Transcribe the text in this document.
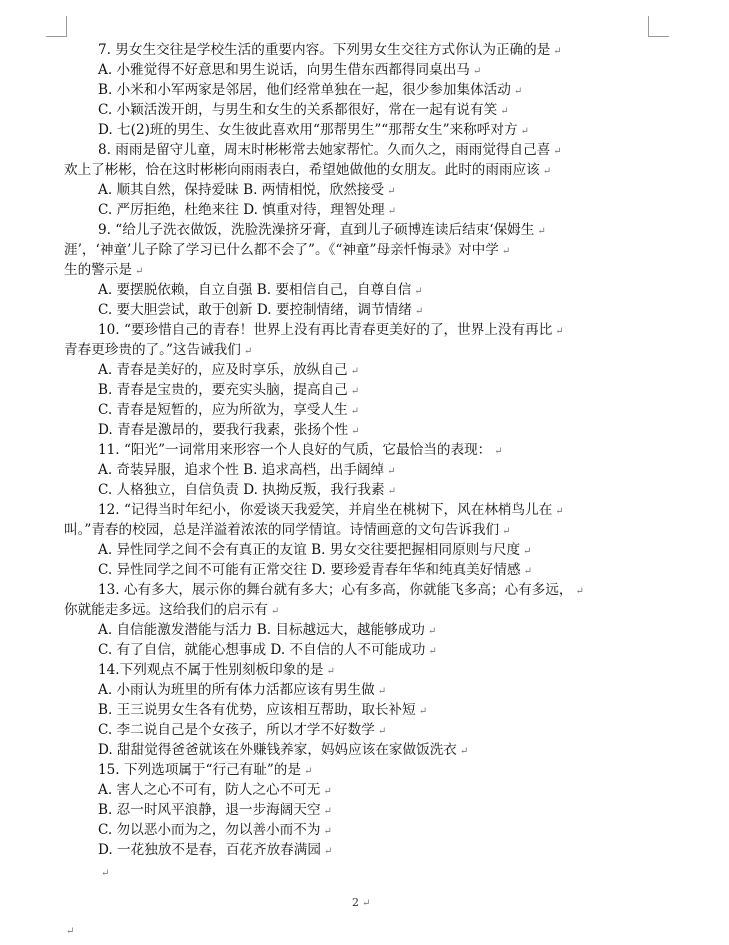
7. 男女生交往是学校生活的重要内容。下列男女生交往方式你认为正确的是 ↵
A. 小雅觉得不好意思和男生说话，向男生借东西都得同桌出马 ↵
B. 小米和小军两家是邻居，他们经常单独在一起，很少参加集体活动 ↵
C. 小颖活泼开朗，与男生和女生的关系都很好，常在一起有说有笑 ↵
D. 七(2)班的男生、女生彼此喜欢用“那帮男生”“那帮女生”来称呼对方 ↵
8. 雨雨是留守儿童，周末时彬彬常去她家帮忙。久而久之，雨雨觉得自己喜 ↵
欢上了彬彬，恰在这时彬彬向雨雨表白，希望她做他的女朋友。此时的雨雨应该 ↵
A. 顺其自然，保持爱昧 B. 两情相悦，欣然接受 ↵
C. 严厉拒绝，杜绝来往 D. 慎重对待，理智处理 ↵
9. “给儿子洗衣做饭，洗脸洗澡挤牙膏，直到儿子硕博连读后结束‘保姆生 ↵
涯’，‘神童’儿子除了学习已什么都不会了”。《“神童”母亲忏悔录》对中学 ↵
生的警示是 ↵
A. 要摆脱依赖，自立自强 B. 要相信自己，自尊自信 ↵
C. 要大胆尝试，敢于创新 D. 要控制情绪，调节情绪 ↵
10. “要珍惜自己的青春！世界上没有再比青春更美好的了，世界上没有再比 ↵
青春更珍贵的了。”这告诫我们 ↵
A. 青春是美好的，应及时享乐，放纵自己 ↵
B. 青春是宝贵的，要充实头脑，提高自己 ↵
C. 青春是短暂的，应为所欲为，享受人生 ↵
D. 青春是激昂的，要我行我素，张扬个性 ↵
11. “阳光”一词常用来形容一个人良好的气质，它最恰当的表现： ↵
A. 奇装异服，追求个性 B. 追求高档，出手阔绰 ↵
C. 人格独立，自信负责 D. 执拗反叛，我行我素 ↵
12. “记得当时年纪小，你爱谈天我爱笑，并肩坐在桃树下，风在林梢鸟儿在 ↵
叫。”青春的校园，总是洋溢着浓浓的同学情谊。诗情画意的文句告诉我们 ↵
A. 异性同学之间不会有真正的友谊 B. 男女交往要把握相同原则与尺度 ↵
C. 异性同学之间不可能有正常交往 D. 要珍爱青春年华和纯真美好情感 ↵
13. 心有多大，展示你的舞台就有多大；心有多高，你就能飞多高；心有多远， ↵
你就能走多远。这给我们的启示有 ↵
A. 自信能激发潜能与活力 B. 目标越远大，越能够成功 ↵
C. 有了自信，就能心想事成 D. 不自信的人不可能成功 ↵
14.下列观点不属于性别刻板印象的是 ↵
A. 小雨认为班里的所有体力活都应该有男生做 ↵
B. 王三说男女生各有优势，应该相互帮助，取长补短 ↵
C. 李二说自己是个女孩子，所以才学不好数学 ↵
D. 甜甜觉得爸爸就该在外赚钱养家，妈妈应该在家做饭洗衣 ↵
15. 下列选项属于“行己有耻”的是 ↵
A. 害人之心不可有，防人之心不可无 ↵
B. 忍一时风平浪静，退一步海阔天空 ↵
C. 勿以恶小而为之，勿以善小而不为 ↵
D. 一花独放不是春，百花齐放春满园 ↵
↵
2 ↵
↵
